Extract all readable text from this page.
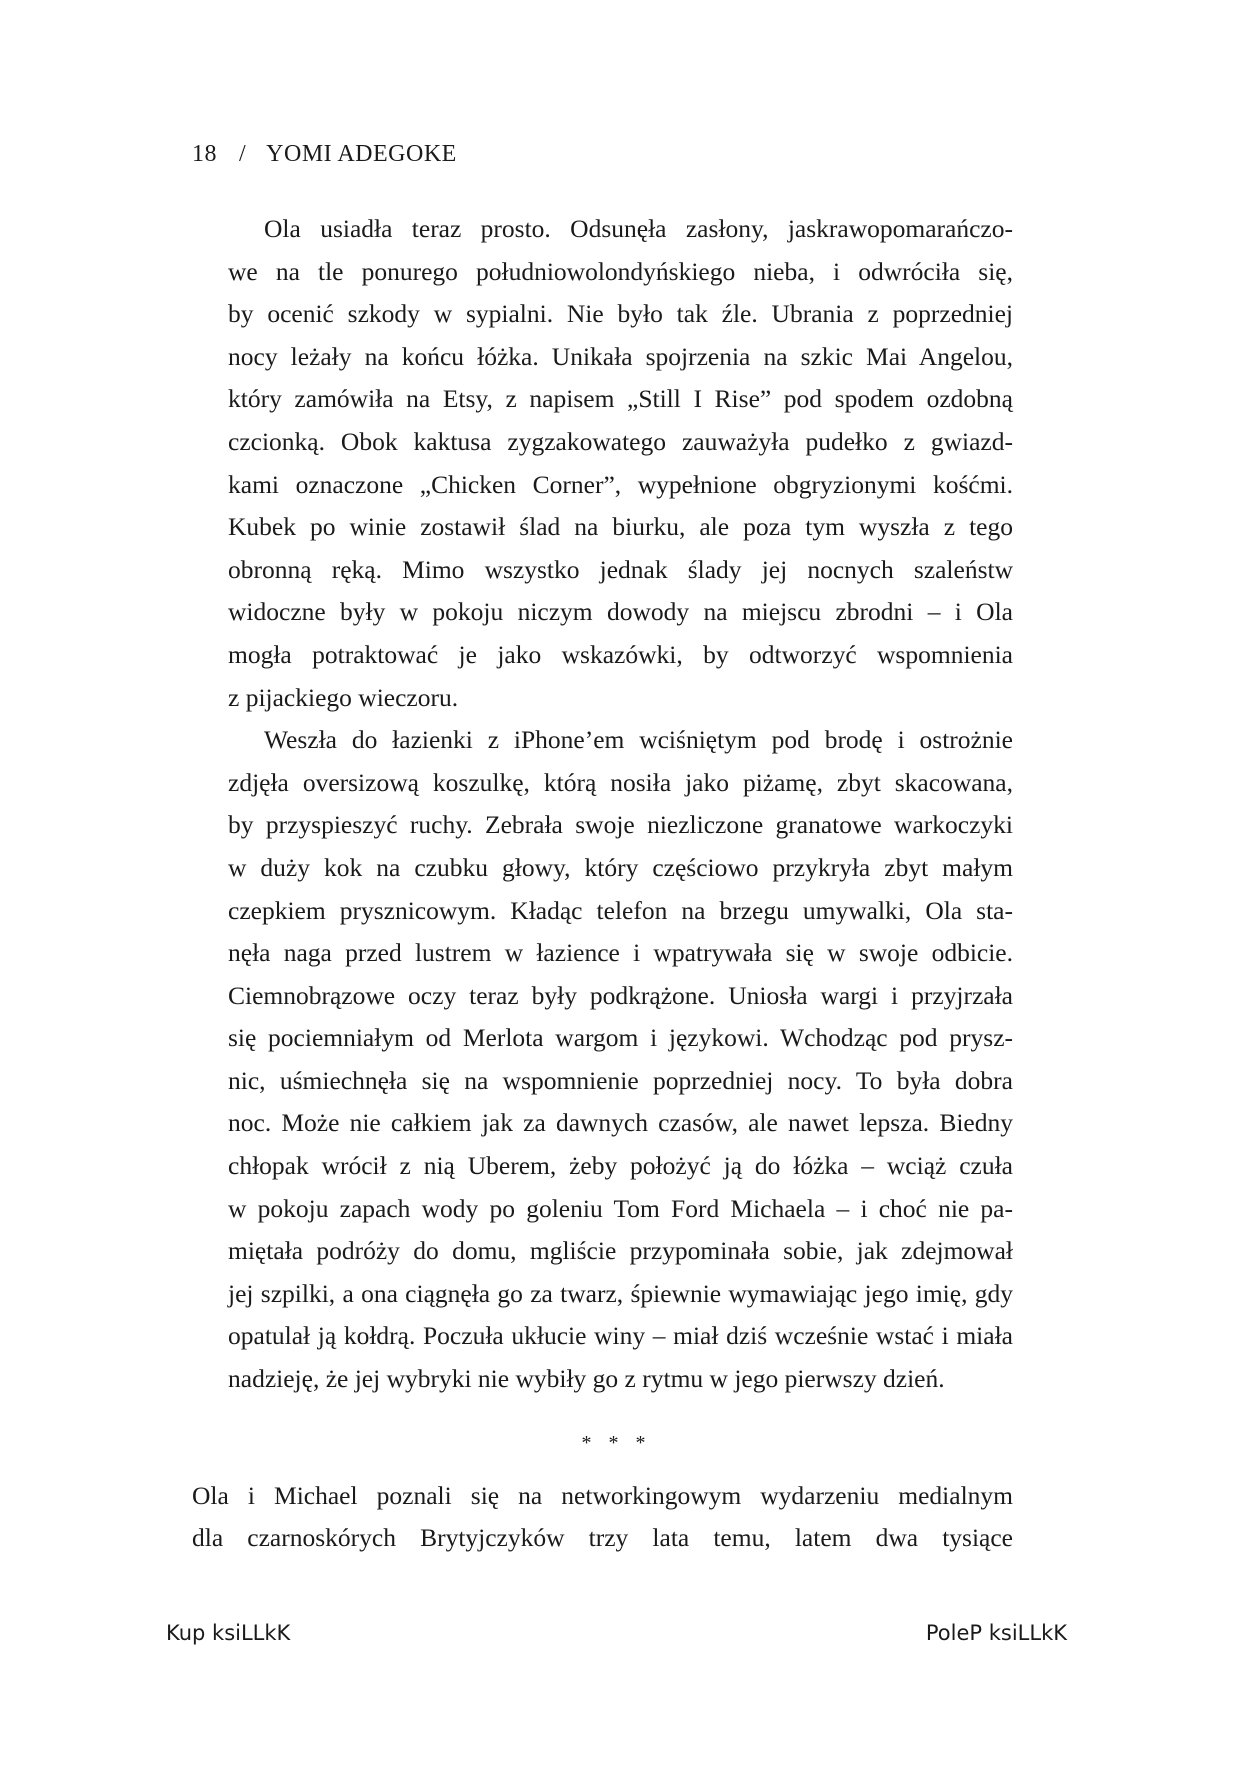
18 / YOMI ADEGOKE
Ola usiadła teraz prosto. Odsunęła zasłony, jaskrawopomarańczo-
we na tle ponurego południowolondyńskiego nieba, i odwróciła się,
by ocenić szkody w sypialni. Nie było tak źle. Ubrania z poprzedniej
nocy leżały na końcu łóżka. Unikała spojrzenia na szkic Mai Angelou,
który zamówiła na Etsy, z napisem „Still I Rise” pod spodem ozdobną
czcionką. Obok kaktusa zygzakowatego zauważyła pudełko z gwiazd-
kami oznaczone „Chicken Corner”, wypełnione obgryzionymi kośćmi.
Kubek po winie zostawił ślad na biurku, ale poza tym wyszła z tego
obronną ręką. Mimo wszystko jednak ślady jej nocnych szaleństw
widoczne były w pokoju niczym dowody na miejscu zbrodni – i Ola
mogła potraktować je jako wskazówki, by odtworzyć wspomnienia
z pijackiego wieczoru.
Weszła do łazienki z iPhone’em wciśniętym pod brodę i ostrożnie
zdjęła oversizową koszulkę, którą nosiła jako piżamę, zbyt skacowana,
by przyspieszyć ruchy. Zebrała swoje niezliczone granatowe warkoczyki
w duży kok na czubku głowy, który częściowo przykryła zbyt małym
czepkiem prysznicowym. Kładąc telefon na brzegu umywalki, Ola sta-
nęła naga przed lustrem w łazience i wpatrywała się w swoje odbicie.
Ciemnobrązowe oczy teraz były podkrążone. Uniosła wargi i przyjrzała
się pociemniałym od Merlota wargom i językowi. Wchodząc pod prysz-
nic, uśmiechnęła się na wspomnienie poprzedniej nocy. To była dobra
noc. Może nie całkiem jak za dawnych czasów, ale nawet lepsza. Biedny
chłopak wrócił z nią Uberem, żeby położyć ją do łóżka – wciąż czuła
w pokoju zapach wody po goleniu Tom Ford Michaela – i choć nie pa-
miętała podróży do domu, mgliście przypominała sobie, jak zdejmował
jej szpilki, a ona ciągnęła go za twarz, śpiewnie wymawiając jego imię, gdy
opatulał ją kołdrą. Poczuła ukłucie winy – miał dziś wcześnie wstać i miała
nadzieję, że jej wybryki nie wybiły go z rytmu w jego pierwszy dzień.
* * *
Ola i Michael poznali się na networkingowym wydarzeniu medialnym
dla czarnoskórych Brytyjczyków trzy lata temu, latem dwa tysiące
Kup ksiLLkK	PoleP ksiLLkK
